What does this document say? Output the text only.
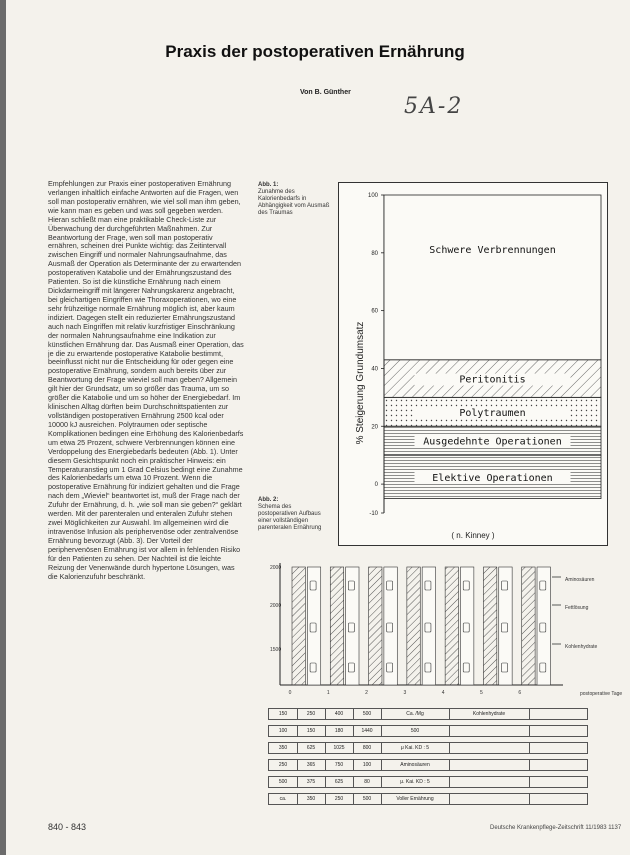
Praxis der postoperativen Ernährung
Von B. Günther
5A-2

Empfehlungen zur Praxis einer postoperativen Ernährung verlangen inhaltlich einfache Antworten auf die Fragen, wen soll man postoperativ ernähren, wie viel soll man ihm geben, wie kann man es geben und was soll gegeben werden. Hieran schließt man eine praktikable Check-Liste zur Überwachung der durchgeführten Maßnahmen. Zur Beantwortung der Frage, wen soll man postoperativ ernähren, scheinen drei Punkte wichtig: das Zeitintervall zwischen Eingriff und normaler Nahrungsaufnahme, das Ausmaß der Operation als Determinante der zu erwartenden postoperativen Katabolie und der Ernährungszustand des Patienten. So ist die künstliche Ernährung nach einem Dickdarmeingriff mit längerer Nahrungskarenz angebracht, bei gleichartigen Eingriffen wie Thoraxoperationen, wo eine sehr frühzeitige normale Ernährung möglich ist, aber kaum indiziert. Dagegen stellt ein reduzierter Ernährungszustand auch nach Eingriffen mit relativ kurzfristiger Einschränkung der normalen Nahrungsaufnahme eine Indikation zur künstlichen Ernährung dar. Das Ausmaß einer Operation, das je die zu erwartende postoperative Katabolie bestimmt, beeinflusst nicht nur die Entscheidung für oder gegen eine postoperative Ernährung, sondern auch bereits über zur Beantwortung der Frage wieviel soll man geben? Allgemein gilt hier der Grundsatz, um so größer das Trauma, um so größer die Katabolie und um so höher der Energiebedarf. Im klinischen Alltag dürften beim Durchschnittspatienten zur vollständigen postoperativen Ernährung 2500 kcal oder 10000 kJ ausreichen. Polytraumen oder septische Komplikationen bedingen eine Erhöhung des Kalorienbedarfs um etwa 25 Prozent, schwere Verbrennungen können eine Verdoppelung des Energiebedarfs bedeuten (Abb. 1). Unter diesem Gesichtspunkt noch ein praktischer Hinweis: ein Temperaturanstieg um 1 Grad Celsius bedingt eine Zunahme des Kalorienbedarfs um etwa 10 Prozent. Wenn die postoperative Ernährung für indiziert gehalten und die Frage nach dem „Wieviel“ beantwortet ist, muß der Frage nach der Zufuhr der Ernährung, d. h. „wie soll man sie geben?“ geklärt werden. Mit der parenteralen und enteralen Zufuhr stehen zwei Möglichkeiten zur Auswahl. Im allgemeinen wird die intravenöse Infusion als periphervenöse oder zentralvenöse Ernährung bevorzugt (Abb. 3). Der Vorteil der periphervenösen Ernährung ist vor allem in fehlenden Risiko für den Patienten zu sehen. Der Nachteil ist die leichte Reizung der Venenwände durch hypertone Lösungen, was die Kalorienzufuhr beschränkt.

Abb. 1:
Zunahme des Kalorienbedarfs in Abhängigkeit vom Ausmaß des Traumas
100
80
60
40
20
0
-10
Elektive Operationen
Ausgedehnte Operationen
Polytraumen
Peritonitis
Schwere Verbrennungen
% Steigerung Grundumsatz
( n. Kinney )
Abb. 2:
Schema des postoperativen Aufbaus einer vollständigen parenteralen Ernährung
0	1	2	3	4	5	6
2000
2000
1500
Aminosäuren
Fettlösung
Kohlenhydrate
postoperative Tage
150	250	400	500	Ca. /Mg	Kohlenhydrate
100	150	180	1440	500
350	625	1025	800	μ Kai. KD : 5
250	365	750	100	Aminosäuren
500	375	625	80	μ. Kai. KD : 5
ca.	350	250	500	Voller Ernährung
840 - 843	Deutsche Krankenpflege-Zeitschrift 11/1983 1137
